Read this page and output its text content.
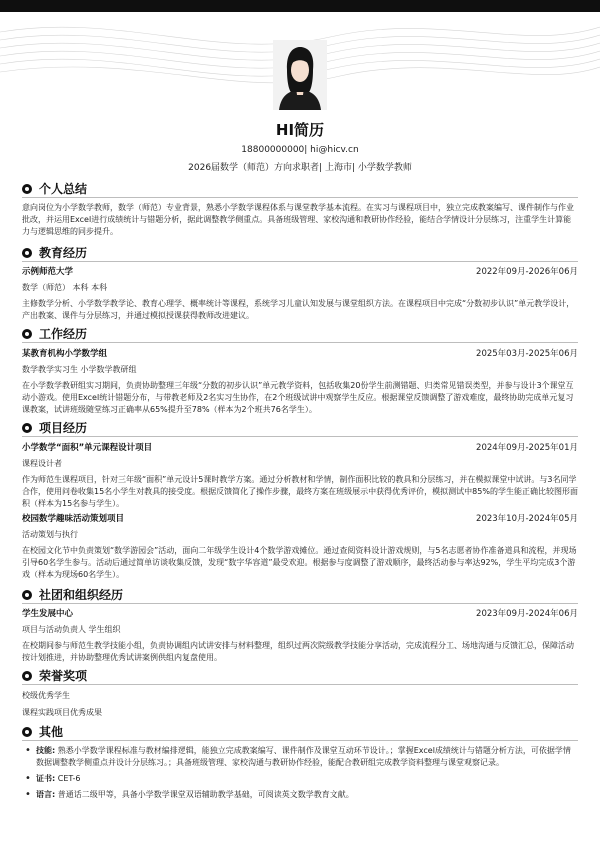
HI简历
18800000000| hi@hicv.cn
2026届数学（师范）方向求职者| 上海市| 小学数学教师
个人总结
意向岗位为小学数学教师，数学（师范）专业背景，熟悉小学数学课程体系与课堂教学基本流程。在实习与课程项目中，独立完成教案编写、课件制作与作业批改，并运用Excel进行成绩统计与错题分析，据此调整教学侧重点。具备班级管理、家校沟通和教研协作经验，能结合学情设计分层练习，注重学生计算能力与逻辑思维的同步提升。
教育经历
示例师范大学	2022年09月-2026年06月
数学（师范） 本科 本科
主修数学分析、小学数学教学论、教育心理学、概率统计等课程，系统学习儿童认知发展与课堂组织方法。在课程项目中完成“分数初步认识”单元教学设计，产出教案、课件与分层练习，并通过模拟授课获得教师改进建议。
工作经历
某教育机构小学数学组	2025年03月-2025年06月
数学教学实习生 小学数学教研组
在小学数学教研组实习期间，负责协助整理三年级“分数的初步认识”单元教学资料，包括收集20份学生前测错题、归类常见错误类型，并参与设计3个课堂互动小游戏。使用Excel统计错题分布，与带教老师及2名实习生协作，在2个班级试讲中观察学生反应。根据课堂反馈调整了游戏难度，最终协助完成单元复习课教案，试讲班级随堂练习正确率从65%提升至78%（样本为2个班共76名学生）。
项目经历
小学数学“面积”单元课程设计项目	2024年09月-2025年01月
课程设计者
作为师范生课程项目，针对三年级“面积”单元设计5课时教学方案。通过分析教材和学情，制作面积比较的教具和分层练习，并在模拟课堂中试讲。与3名同学合作，使用问卷收集15名小学生对教具的接受度。根据反馈简化了操作步骤，最终方案在班级展示中获得优秀评价，模拟测试中85%的学生能正确比较图形面积（样本为15名参与学生）。
校园数学趣味活动策划项目	2023年10月-2024年05月
活动策划与执行
在校园文化节中负责策划“数学游园会”活动，面向二年级学生设计4个数学游戏摊位。通过查阅资料设计游戏规则，与5名志愿者协作准备道具和流程，并现场引导60名学生参与。活动后通过简单访谈收集反馈，发现“数字华容道”最受欢迎。根据参与度调整了游戏顺序，最终活动参与率达92%，学生平均完成3个游戏（样本为现场60名学生）。
社团和组织经历
学生发展中心	2023年09月-2024年06月
项目与活动负责人 学生组织
在校期间参与师范生教学技能小组，负责协调组内试讲安排与材料整理，组织过两次院级教学技能分享活动，完成流程分工、场地沟通与反馈汇总，保障活动按计划推进，并协助整理优秀试讲案例供组内复盘使用。
荣誉奖项
校级优秀学生
课程实践项目优秀成果
其他
• 技能: 熟悉小学数学课程标准与教材编排逻辑，能独立完成教案编写、课件制作及课堂互动环节设计。；掌握Excel成绩统计与错题分析方法，可依据学情数据调整教学侧重点并设计分层练习。；具备班级管理、家校沟通与教研协作经验，能配合教研组完成教学资料整理与课堂观察记录。
• 证书: CET-6
• 语言: 普通话二级甲等，具备小学数学课堂双语辅助教学基础，可阅读英文数学教育文献。
